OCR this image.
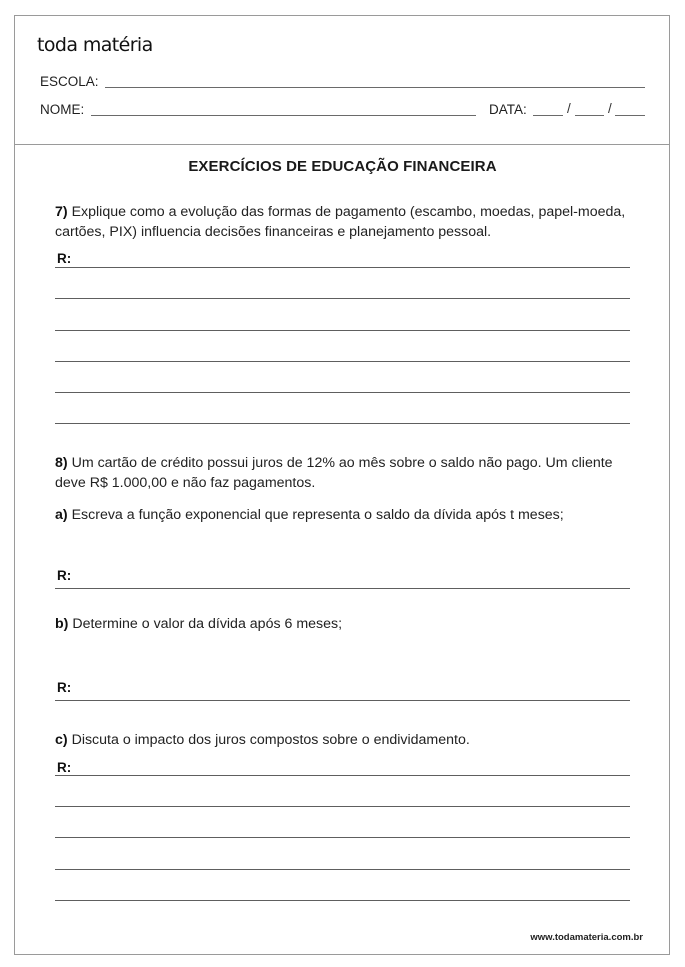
toda matéria
ESCOLA:
NOME:	DATA:	/	/
EXERCÍCIOS DE EDUCAÇÃO FINANCEIRA
7) Explique como a evolução das formas de pagamento (escambo, moedas, papel-moeda, cartões, PIX) influencia decisões financeiras e planejamento pessoal.
R:
8) Um cartão de crédito possui juros de 12% ao mês sobre o saldo não pago. Um cliente deve R$ 1.000,00 e não faz pagamentos.
a) Escreva a função exponencial que representa o saldo da dívida após t meses;
R:
b) Determine o valor da dívida após 6 meses;
R:
c) Discuta o impacto dos juros compostos sobre o endividamento.
R:
www.todamateria.com.br
